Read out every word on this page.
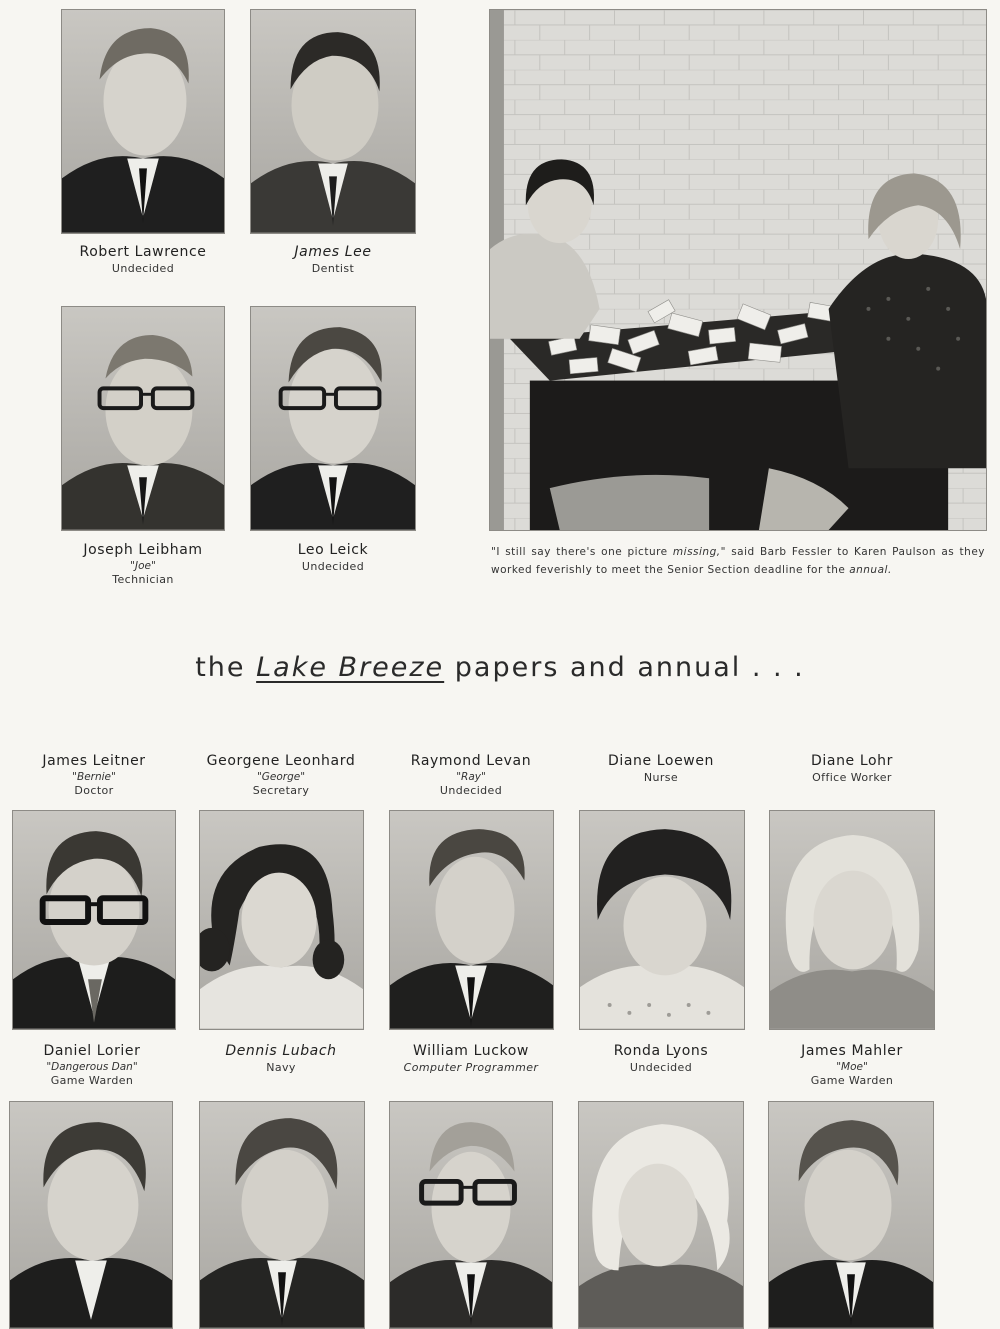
Robert Lawrence
Undecided
James Lee
Dentist
Joseph Leibham
"Joe"
Technician
Leo Leick
Undecided
"I still say there's one picture missing," said Barb Fessler to Karen Paulson as they worked feverishly to meet the Senior Section deadline for the annual.
the Lake Breeze papers and annual . . .
James Leitner
"Bernie"
Doctor
Georgene Leonhard
"George"
Secretary
Raymond Levan
"Ray"
Undecided
Diane Loewen
Nurse
Diane Lohr
Office Worker
Daniel Lorier
"Dangerous Dan"
Game Warden
Dennis Lubach
Navy
William Luckow
Computer Programmer
Ronda Lyons
Undecided
James Mahler
"Moe"
Game Warden
